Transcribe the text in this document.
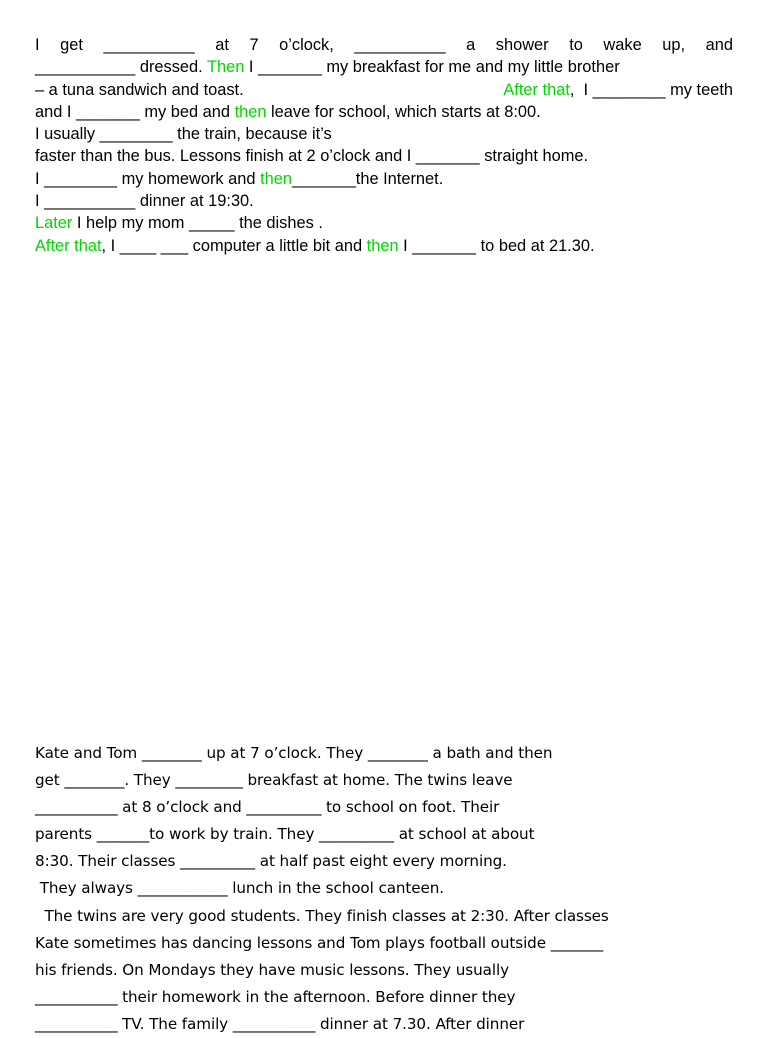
I get __________ at 7 o’clock, __________ a shower to wake up, and
___________ dressed. Then I _______ my breakfast for me and my little brother
– a tuna sandwich and toast.	After that,  I ________ my teeth
and I _______ my bed and then leave for school, which starts at 8:00.
I usually ________ the train, because it’s
faster than the bus. Lessons finish at 2 o’clock and I _______ straight home.
I ________ my homework and then_______the Internet.
I __________ dinner at 19:30.
Later I help my mom _____ the dishes .
After that, I ____ ___ computer a little bit and then I _______ to bed at 21.30.
Kate and Tom ________ up at 7 o’clock. They ________ a bath and then
get ________. They _________ breakfast at home. The twins leave
___________ at 8 o’clock and __________ to school on foot. Their
parents _______to work by train. They __________ at school at about
8:30. Their classes __________ at half past eight every morning.
They always ____________ lunch in the school canteen.
The twins are very good students. They finish classes at 2:30. After classes
Kate sometimes has dancing lessons and Tom plays football outside _______
his friends. On Mondays they have music lessons. They usually
___________ their homework in the afternoon. Before dinner they
___________ TV. The family ___________ dinner at 7.30. After dinner
